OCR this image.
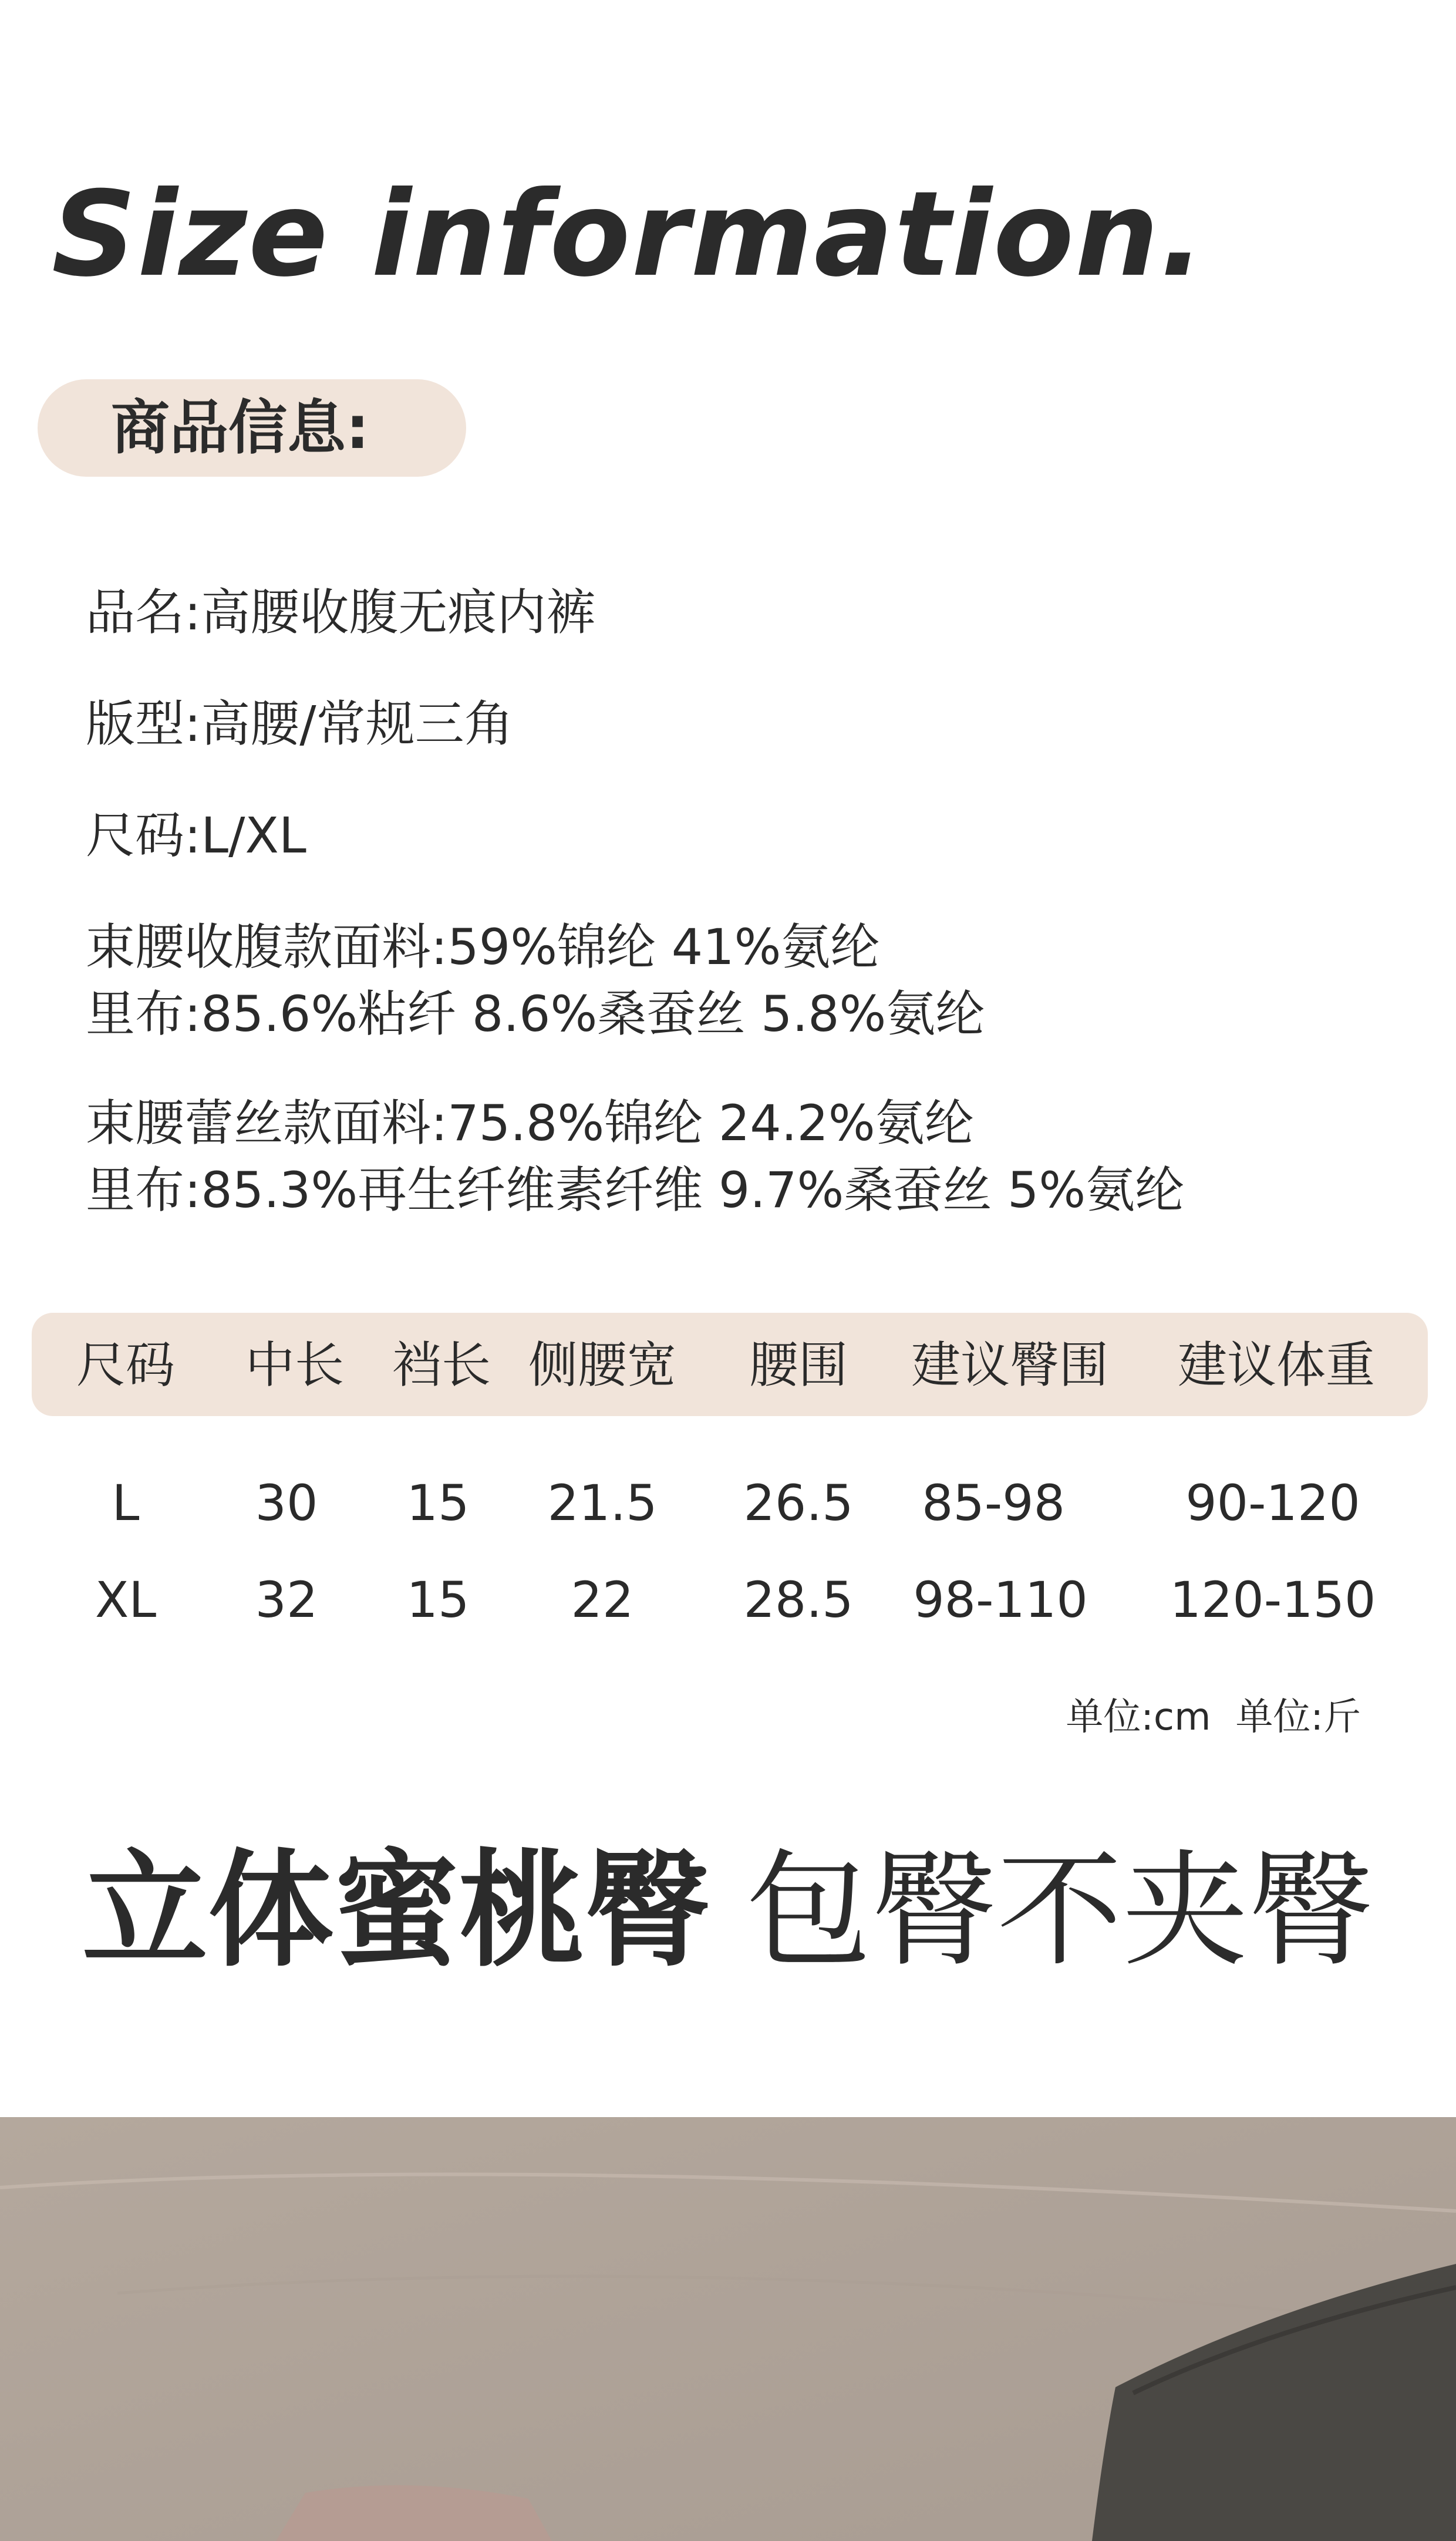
Size information.
商品信息:

品名:高腰收腹无痕内裤

版型:高腰/常规三角

尺码:L/XL

束腰收腹款面料:59%锦纶 41%氨纶

里布:85.6%粘纤 8.6%桑蚕丝 5.8%氨纶

束腰蕾丝款面料:75.8%锦纶 24.2%氨纶

里布:85.3%再生纤维素纤维 9.7%桑蚕丝 5%氨纶

尺码 中长 裆长 侧腰宽 腰围 建议臀围 建议体重
L 30 15 21.5 26.5 85-98 90-120
XL 32 15 22 28.5 98-110 120-150
单位:cm 单位:斤
立体蜜桃臀 包臀不夹臀
